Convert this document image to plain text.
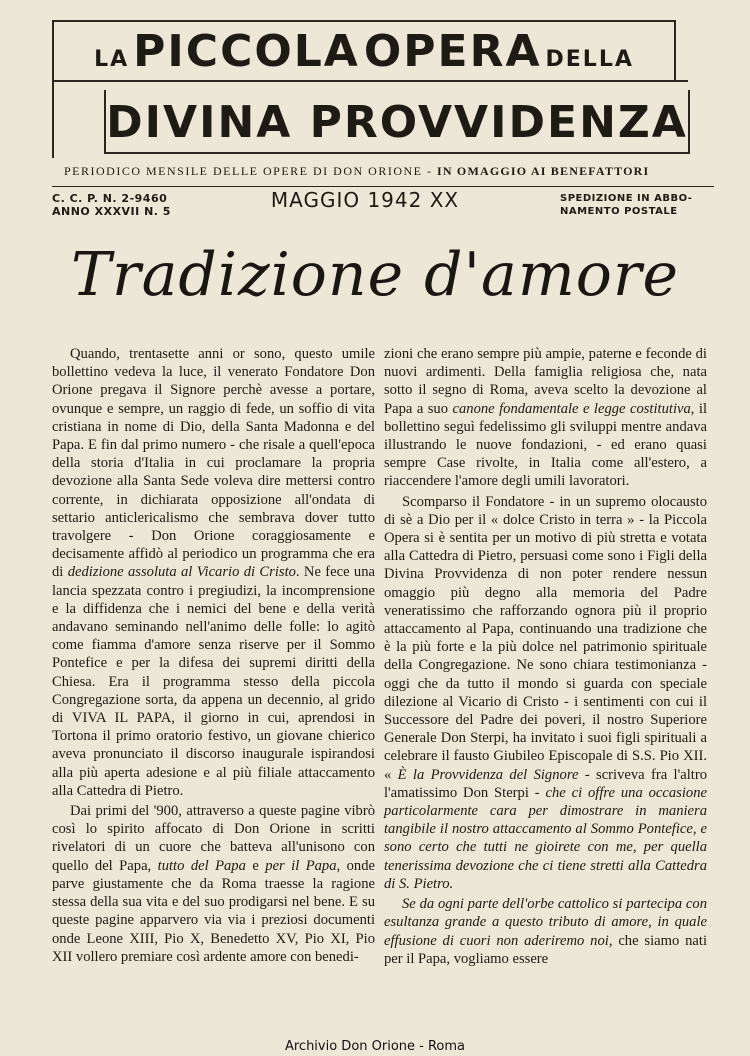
LA PICCOLA OPERA DELLA
DIVINA PROVVIDENZA
PERIODICO MENSILE DELLE OPERE DI DON ORIONE - IN OMAGGIO AI BENEFATTORI
C. C. P. N. 2-9460
ANNO XXXVII N. 5	MAGGIO 1942 XX	SPEDIZIONE IN ABBO-
NAMENTO POSTALE
Tradizione d'amore

Quando, trentasette anni or sono, questo umile bollettino vedeva la luce, il venerato Fondatore Don Orione pregava il Signore perchè avesse a portare, ovunque e sempre, un raggio di fede, un soffio di vita cristiana in nome di Dio, della Santa Madonna e del Papa. E fin dal primo numero - che risale a quell'epoca della storia d'Italia in cui proclamare la propria devozione alla Santa Sede voleva dire mettersi contro corrente, in dichiarata opposizione all'ondata di settario anticlericalismo che sembrava dover tutto travolgere - Don Orione coraggiosamente e decisamente affidò al periodico un programma che era di dedizione assoluta al Vicario di Cristo. Ne fece una lancia spezzata contro i pregiudizi, la incomprensione e la diffidenza che i nemici del bene e della verità andavano seminando nell'animo delle folle: lo agitò come fiamma d'amore senza riserve per il Sommo Pontefice e per la difesa dei supremi diritti della Chiesa. Era il programma stesso della piccola Congregazione sorta, da appena un decennio, al grido di VIVA IL PAPA, il giorno in cui, aprendosi in Tortona il primo oratorio festivo, un giovane chierico aveva pronunciato il discorso inaugurale ispirandosi alla più aperta adesione e al più filiale attaccamento alla Cattedra di Pietro.

Dai primi del '900, attraverso a queste pagine vibrò così lo spirito affocato di Don Orione in scritti rivelatori di un cuore che batteva all'unisono con quello del Papa, tutto del Papa e per il Papa, onde parve giustamente che da Roma traesse la ragione stessa della sua vita e del suo prodigarsi nel bene. E su queste pagine apparvero via via i preziosi documenti onde Leone XIII, Pio X, Benedetto XV, Pio XI, Pio XII vollero premiare così ardente amore con benedi-

zioni che erano sempre più ampie, paterne e feconde di nuovi ardimenti. Della famiglia religiosa che, nata sotto il segno di Roma, aveva scelto la devozione al Papa a suo canone fondamentale e legge costitutiva, il bollettino seguì fedelissimo gli sviluppi mentre andava illustrando le nuove fondazioni, - ed erano quasi sempre Case rivolte, in Italia come all'estero, a riaccendere l'amore degli umili lavoratori.

Scomparso il Fondatore - in un supremo olocausto di sè a Dio per il « dolce Cristo in terra » - la Piccola Opera si è sentita per un motivo di più stretta e votata alla Cattedra di Pietro, persuasi come sono i Figli della Divina Provvidenza di non poter rendere nessun omaggio più degno alla memoria del Padre veneratissimo che rafforzando ognora più il proprio attaccamento al Papa, continuando una tradizione che è la più forte e la più dolce nel patrimonio spirituale della Congregazione. Ne sono chiara testimonianza - oggi che da tutto il mondo si guarda con speciale dilezione al Vicario di Cristo - i sentimenti con cui il Successore del Padre dei poveri, il nostro Superiore Generale Don Sterpi, ha invitato i suoi figli spirituali a celebrare il fausto Giubileo Episcopale di S.S. Pio XII. « È la Provvidenza del Signore - scriveva fra l'altro l'amatissimo Don Sterpi - che ci offre una occasione particolarmente cara per dimostrare in maniera tangibile il nostro attaccamento al Sommo Pontefice, e sono certo che tutti ne gioirete con me, per quella tenerissima devozione che ci tiene stretti alla Cattedra di S. Pietro.

Se da ogni parte dell'orbe cattolico si partecipa con esultanza grande a questo tributo di amore, in quale effusione di cuori non aderiremo noi, che siamo nati per il Papa, vogliamo essere

Archivio Don Orione - Roma
